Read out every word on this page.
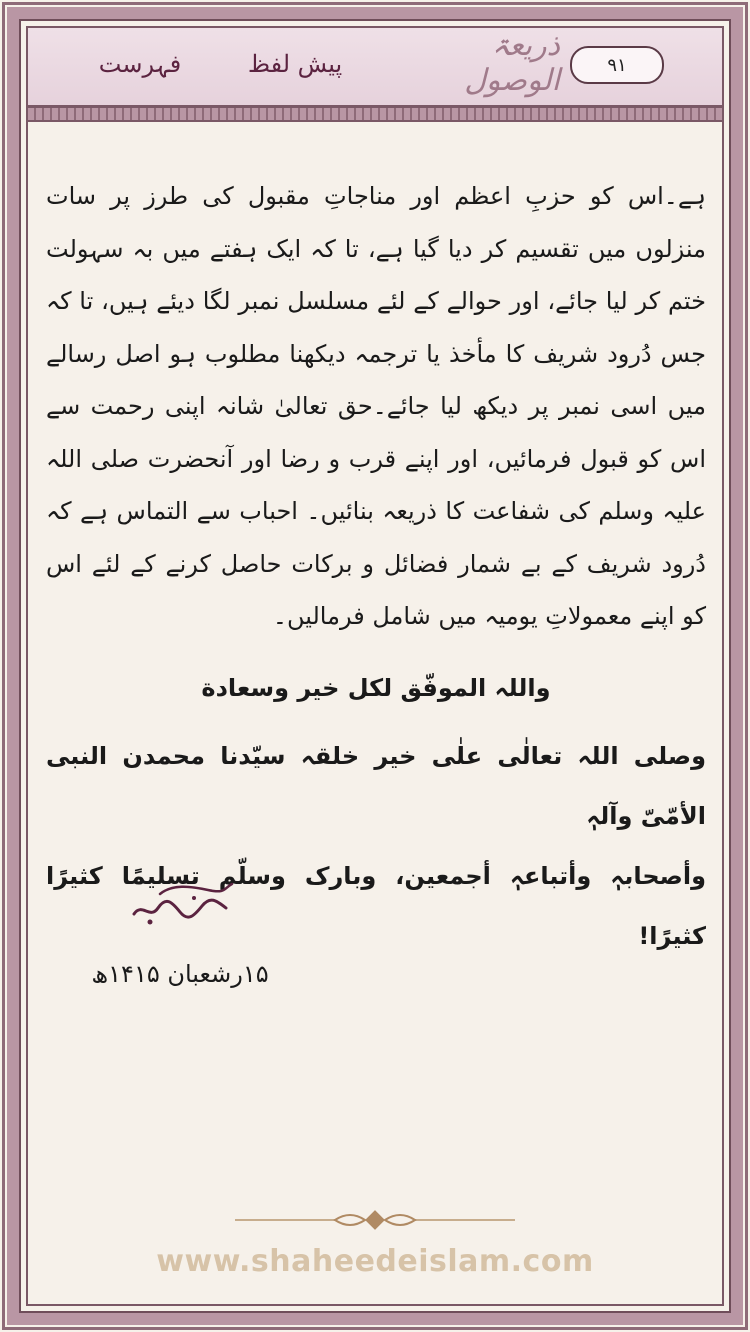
٩١
ذریعۃ الوصول
پیش لفظ
فہرست

ہے۔اس کو حزبِ اعظم اور مناجاتِ مقبول کی طرز پر سات منزلوں میں تقسیم کر دیا گیا ہے، تا کہ ایک ہفتے میں بہ سہولت ختم کر لیا جائے، اور حوالے کے لئے مسلسل نمبر لگا دیئے ہیں، تا کہ جس دُرود شریف کا مأخذ یا ترجمہ دیکھنا مطلوب ہو اصل رسالے میں اسی نمبر پر دیکھ لیا جائے۔حق تعالیٰ شانہ اپنی رحمت سے اس کو قبول فرمائیں، اور اپنے قرب و رضا اور آنحضرت صلی اللہ علیہ وسلم کی شفاعت کا ذریعہ بنائیں۔ احباب سے التماس ہے کہ دُرود شریف کے بے شمار فضائل و برکات حاصل کرنے کے لئے اس کو اپنے معمولاتِ یومیہ میں شامل فرمالیں۔

واللہ الموفّق لکل خیر وسعادة

وصلی اللہ تعالٰی علٰی خیر خلقہ سیّدنا محمدن النبی الأمّیّ وآلہٖ

وأصحابہٖ وأتباعہٖ أجمعین، وبارک وسلّم تسلیمًا کثیرًا کثیرًا!

۱۵رشعبان ۱۴۱۵ھ
www.shaheedeislam.com
